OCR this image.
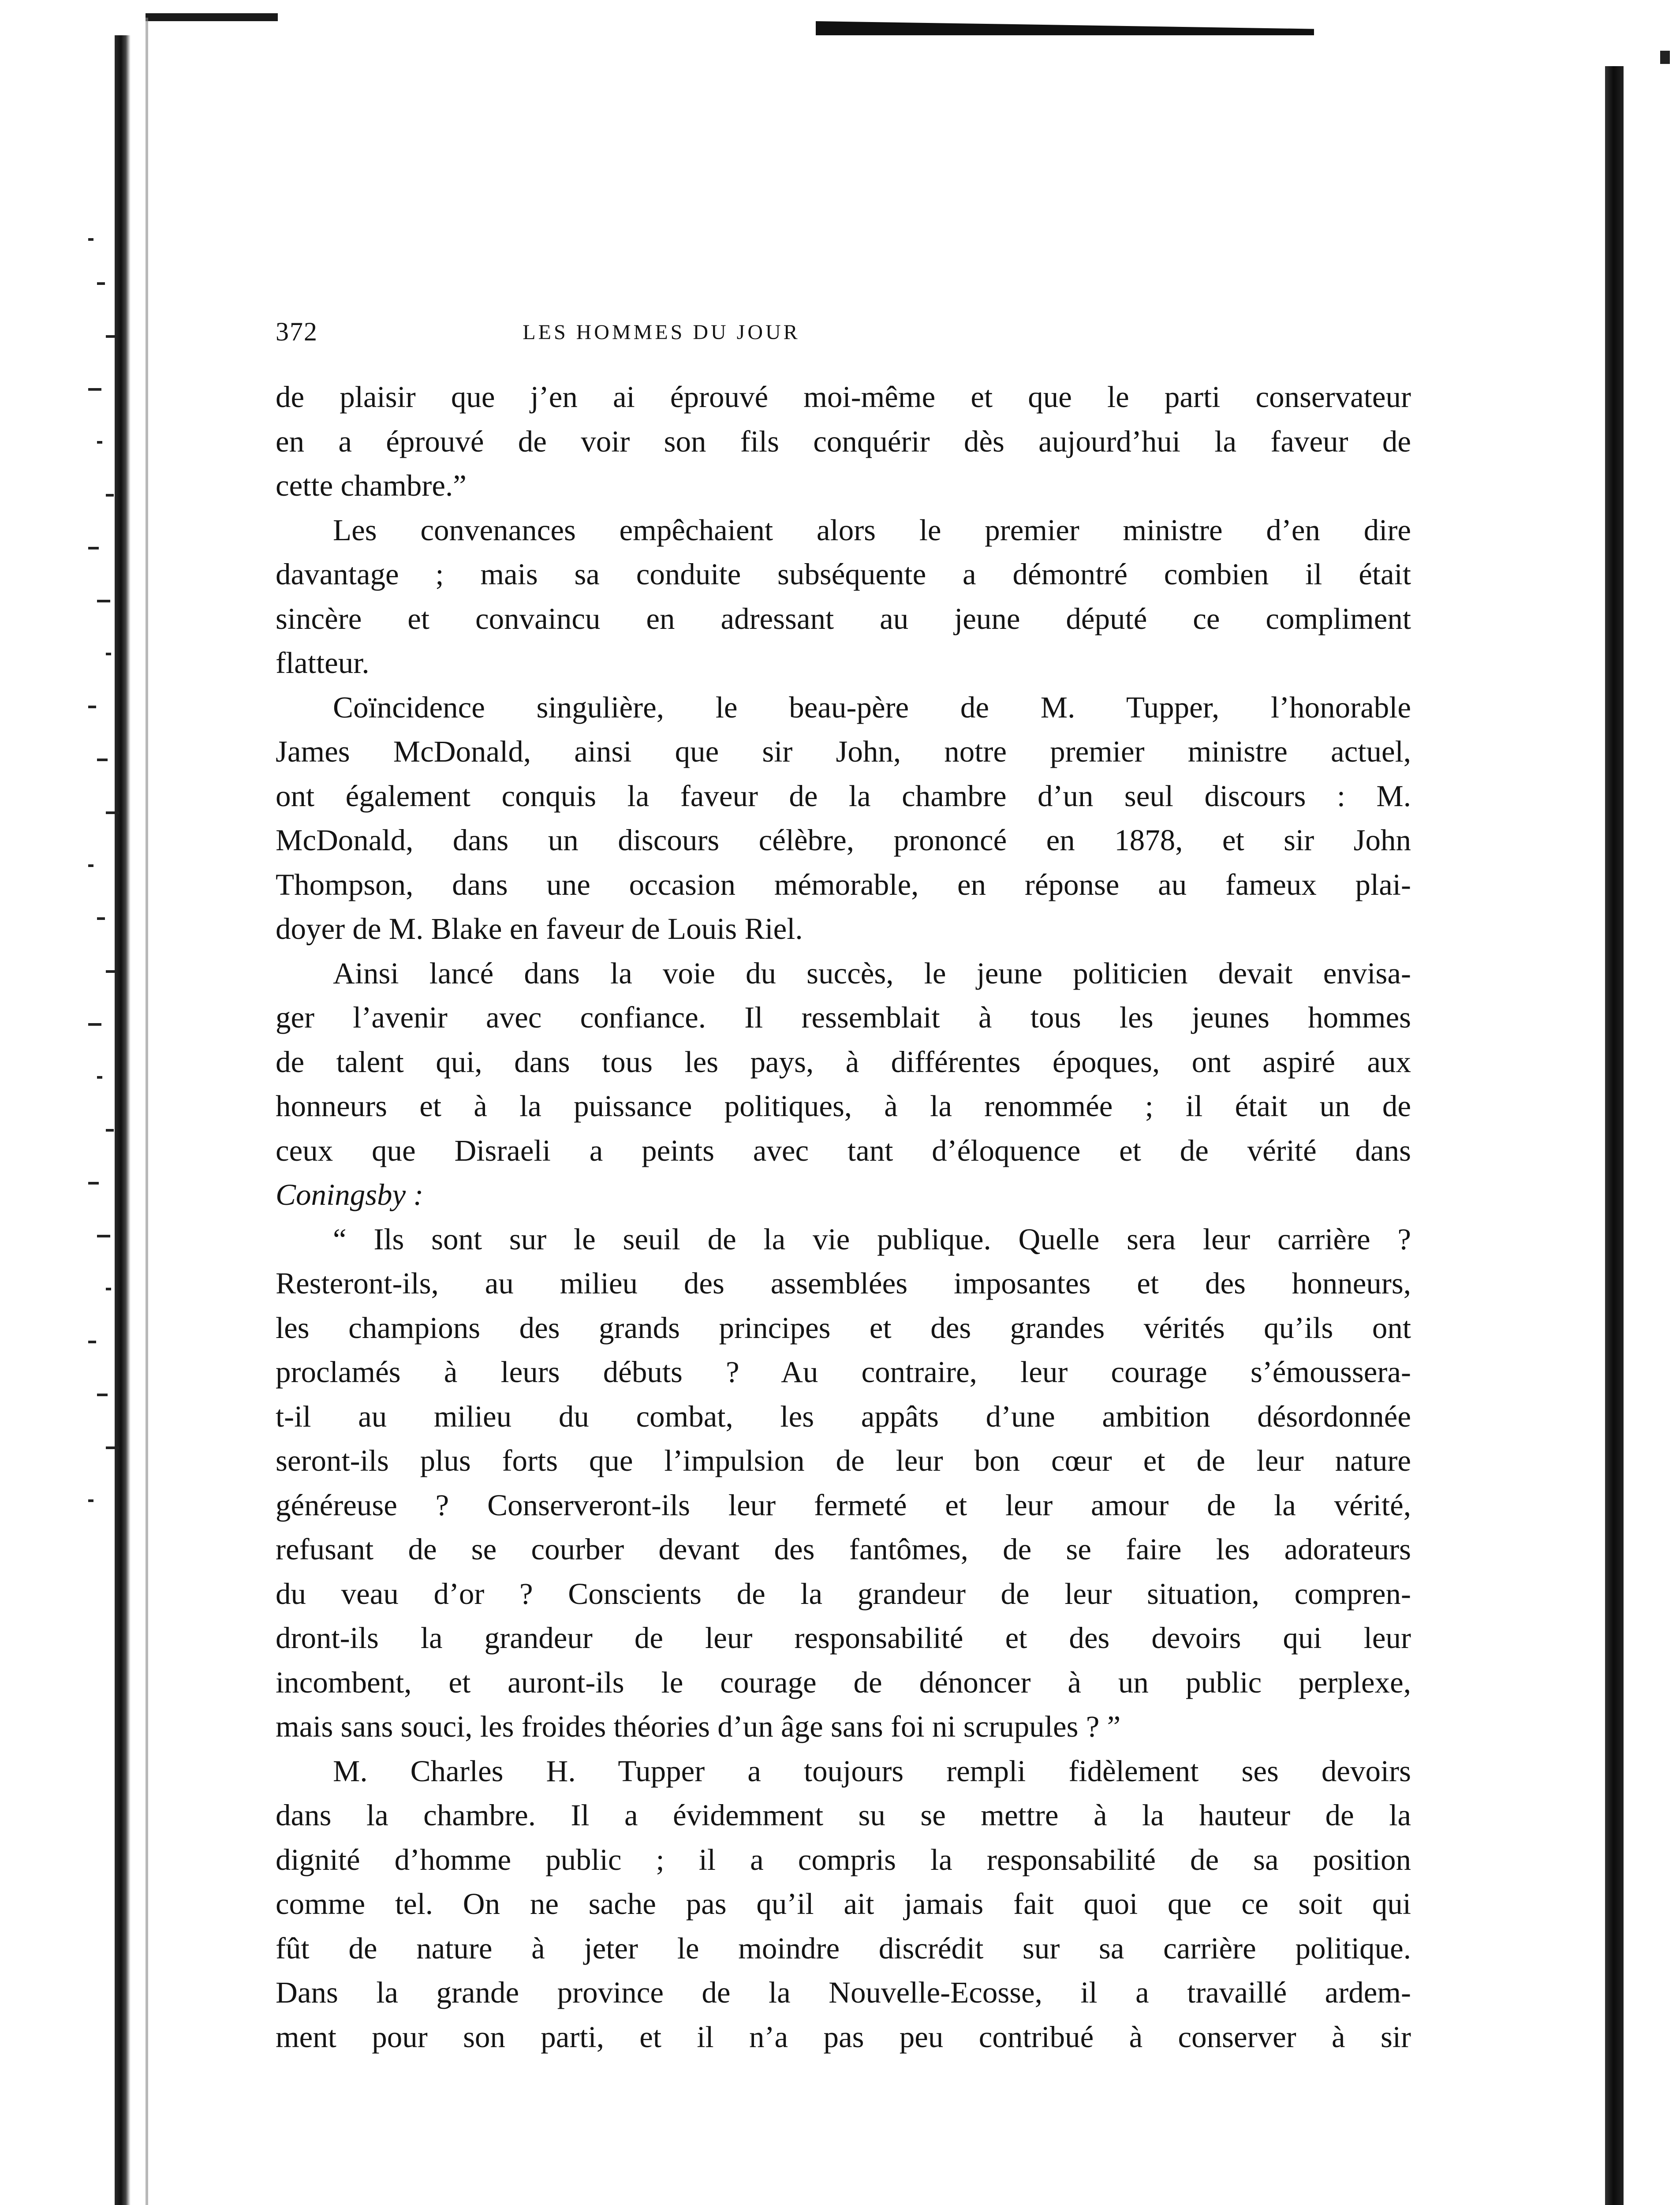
372	LES HOMMES DU JOUR
de plaisir que j’en ai éprouvé moi-même et que le parti conservateur
en a éprouvé de voir son fils conquérir dès aujourd’hui la faveur de
cette chambre.”
Les convenances empêchaient alors le premier ministre d’en dire
davantage ; mais sa conduite subséquente a démontré combien il était
sincère et convaincu en adressant au jeune député ce compliment
flatteur.
Coïncidence singulière, le beau-père de M. Tupper, l’honorable
James McDonald, ainsi que sir John, notre premier ministre actuel,
ont également conquis la faveur de la chambre d’un seul discours : M.
McDonald, dans un discours célèbre, prononcé en 1878, et sir John
Thompson, dans une occasion mémorable, en réponse au fameux plai-
doyer de M. Blake en faveur de Louis Riel.
Ainsi lancé dans la voie du succès, le jeune politicien devait envisa-
ger l’avenir avec confiance. Il ressemblait à tous les jeunes hommes
de talent qui, dans tous les pays, à différentes époques, ont aspiré aux
honneurs et à la puissance politiques, à la renommée ; il était un de
ceux que Disraeli a peints avec tant d’éloquence et de vérité dans
Coningsby :
“ Ils sont sur le seuil de la vie publique. Quelle sera leur carrière ?
Resteront-ils, au milieu des assemblées imposantes et des honneurs,
les champions des grands principes et des grandes vérités qu’ils ont
proclamés à leurs débuts ? Au contraire, leur courage s’émoussera-
t-il au milieu du combat, les appâts d’une ambition désordonnée
seront-ils plus forts que l’impulsion de leur bon cœur et de leur nature
généreuse ? Conserveront-ils leur fermeté et leur amour de la vérité,
refusant de se courber devant des fantômes, de se faire les adorateurs
du veau d’or ? Conscients de la grandeur de leur situation, compren-
dront-ils la grandeur de leur responsabilité et des devoirs qui leur
incombent, et auront-ils le courage de dénoncer à un public perplexe,
mais sans souci, les froides théories d’un âge sans foi ni scrupules ? ”
M. Charles H. Tupper a toujours rempli fidèlement ses devoirs
dans la chambre. Il a évidemment su se mettre à la hauteur de la
dignité d’homme public ; il a compris la responsabilité de sa position
comme tel. On ne sache pas qu’il ait jamais fait quoi que ce soit qui
fût de nature à jeter le moindre discrédit sur sa carrière politique.
Dans la grande province de la Nouvelle-Ecosse, il a travaillé ardem-
ment pour son parti, et il n’a pas peu contribué à conserver à sir
